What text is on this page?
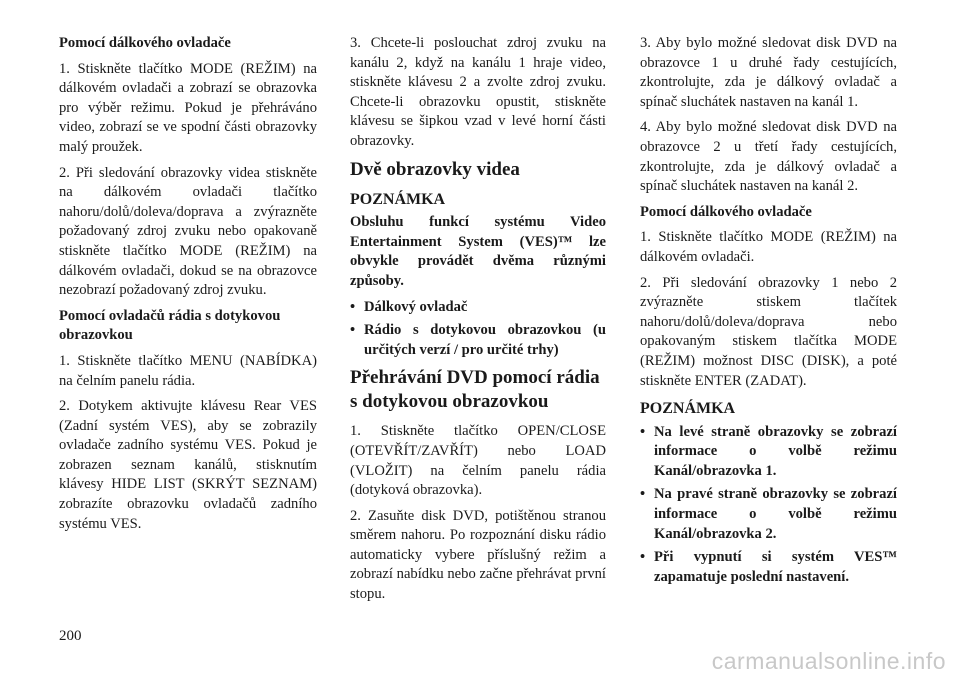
Pomocí dálkového ovladače

1. Stiskněte tlačítko MODE (REŽIM) na dálkovém ovladači a zobrazí se obrazovka pro výběr režimu. Pokud je přehráváno video, zobrazí se ve spodní části obrazovky malý proužek.

2. Při sledování obrazovky videa stiskněte na dálkovém ovladači tlačítko nahoru/dolů/doleva/doprava a zvýrazněte požadovaný zdroj zvuku nebo opakovaně stiskněte tlačítko MODE (REŽIM) na dálkovém ovladači, dokud se na obrazovce nezobrazí požadovaný zdroj zvuku.

Pomocí ovladačů rádia s dotykovou obrazovkou

1. Stiskněte tlačítko MENU (NABÍDKA) na čelním panelu rádia.

2. Dotykem aktivujte klávesu Rear VES (Zadní systém VES), aby se zobrazily ovladače zadního systému VES. Pokud je zobrazen seznam kanálů, stisknutím klávesy HIDE LIST (SKRÝT SEZNAM) zobrazíte obrazovku ovladačů zadního systému VES.

3. Chcete-li poslouchat zdroj zvuku na kanálu 2, když na kanálu 1 hraje video, stiskněte klávesu 2 a zvolte zdroj zvuku. Chcete-li obrazovku opustit, stiskněte klávesu se šipkou vzad v levé horní části obrazovky.

Dvě obrazovky videa

POZNÁMKA

Obsluhu funkcí systému Video Entertainment System (VES)™ lze obvykle provádět dvěma různými způsoby.

• Dálkový ovladač
• Rádio s dotykovou obrazovkou (u určitých verzí / pro určité trhy)
Přehrávání DVD pomocí rádia s dotykovou obrazovkou

1. Stiskněte tlačítko OPEN/CLOSE (OTEVŘÍT/ZAVŘÍT) nebo LOAD (VLOŽIT) na čelním panelu rádia (dotyková obrazovka).

2. Zasuňte disk DVD, potištěnou stranou směrem nahoru. Po rozpoznání disku rádio automaticky vybere příslušný režim a zobrazí nabídku nebo začne přehrávat první stopu.

3. Aby bylo možné sledovat disk DVD na obrazovce 1 u druhé řady cestujících, zkontrolujte, zda je dálkový ovladač a spínač sluchátek nastaven na kanál 1.

4. Aby bylo možné sledovat disk DVD na obrazovce 2 u třetí řady cestujících, zkontrolujte, zda je dálkový ovladač a spínač sluchátek nastaven na kanál 2.

Pomocí dálkového ovladače

1. Stiskněte tlačítko MODE (REŽIM) na dálkovém ovladači.

2. Při sledování obrazovky 1 nebo 2 zvýrazněte stiskem tlačítek nahoru/dolů/doleva/doprava nebo opakovaným stiskem tlačítka MODE (REŽIM) možnost DISC (DISK), a poté stiskněte ENTER (ZADAT).

POZNÁMKA

• Na levé straně obrazovky se zobrazí informace o volbě režimu Kanál/obrazovka 1.
• Na pravé straně obrazovky se zobrazí informace o volbě režimu Kanál/obrazovka 2.
• Při vypnutí si systém VES™ zapamatuje poslední nastavení.
200
carmanualsonline.info
